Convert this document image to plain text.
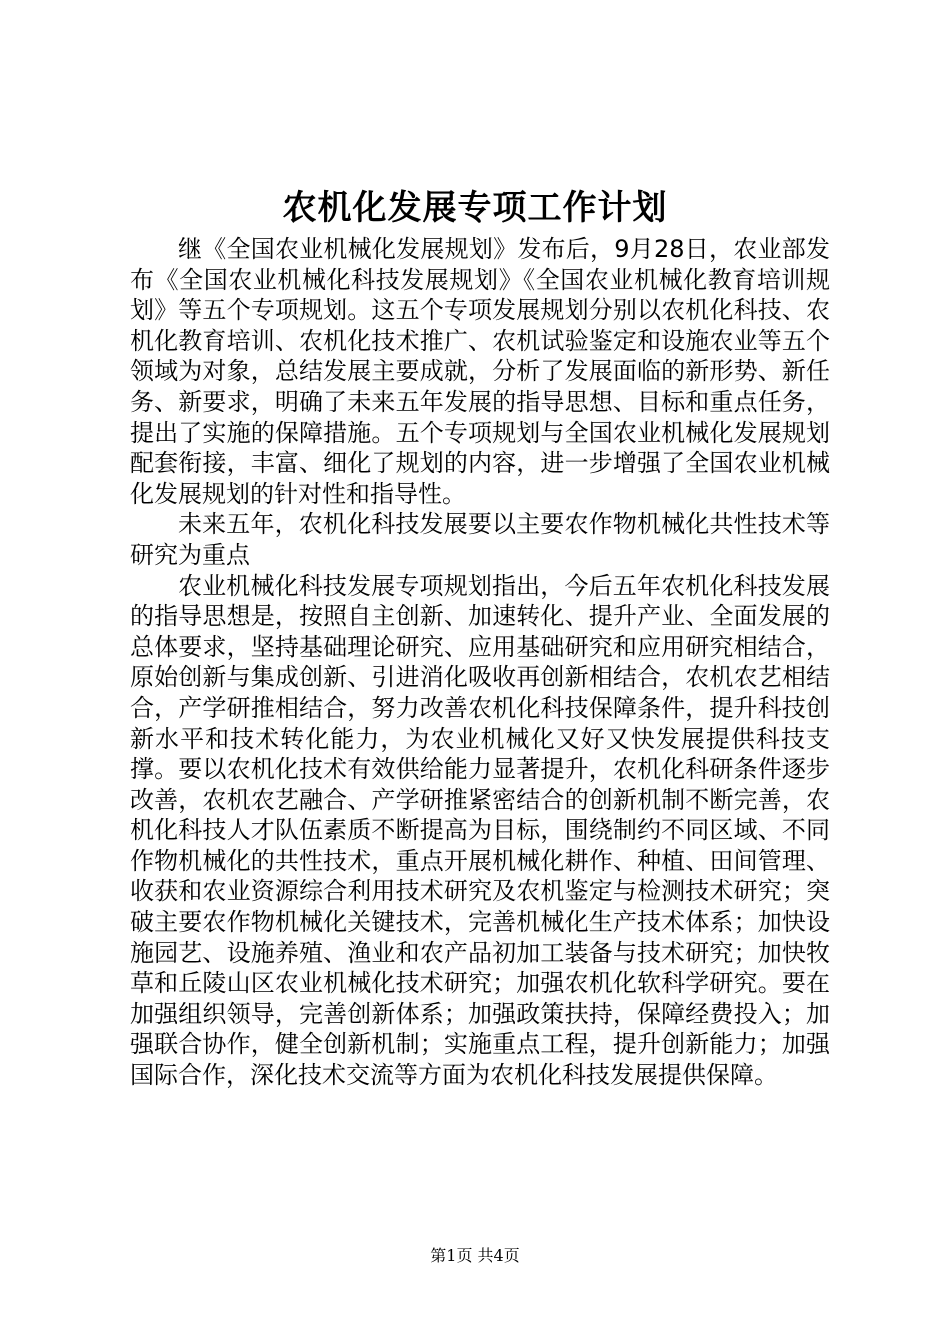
农机化发展专项工作计划

继《全国农业机械化发展规划》发布后，9月28日，农业部发布《全国农业机械化科技发展规划》《全国农业机械化教育培训规划》等五个专项规划。这五个专项发展规划分别以农机化科技、农机化教育培训、农机化技术推广、农机试验鉴定和设施农业等五个领域为对象，总结发展主要成就，分析了发展面临的新形势、新任务、新要求，明确了未来五年发展的指导思想、目标和重点任务，提出了实施的保障措施。五个专项规划与全国农业机械化发展规划配套衔接，丰富、细化了规划的内容，进一步增强了全国农业机械化发展规划的针对性和指导性。

未来五年，农机化科技发展要以主要农作物机械化共性技术等研究为重点

农业机械化科技发展专项规划指出，今后五年农机化科技发展的指导思想是，按照自主创新、加速转化、提升产业、全面发展的总体要求，坚持基础理论研究、应用基础研究和应用研究相结合，原始创新与集成创新、引进消化吸收再创新相结合，农机农艺相结合，产学研推相结合，努力改善农机化科技保障条件，提升科技创新水平和技术转化能力，为农业机械化又好又快发展提供科技支撑。要以农机化技术有效供给能力显著提升，农机化科研条件逐步改善，农机农艺融合、产学研推紧密结合的创新机制不断完善，农机化科技人才队伍素质不断提高为目标，围绕制约不同区域、不同作物机械化的共性技术，重点开展机械化耕作、种植、田间管理、收获和农业资源综合利用技术研究及农机鉴定与检测技术研究；突破主要农作物机械化关键技术，完善机械化生产技术体系；加快设施园艺、设施养殖、渔业和农产品初加工装备与技术研究；加快牧草和丘陵山区农业机械化技术研究；加强农机化软科学研究。要在加强组织领导，完善创新体系；加强政策扶持，保障经费投入；加强联合协作，健全创新机制；实施重点工程，提升创新能力；加强国际合作，深化技术交流等方面为农机化科技发展提供保障。

第1页 共4页
